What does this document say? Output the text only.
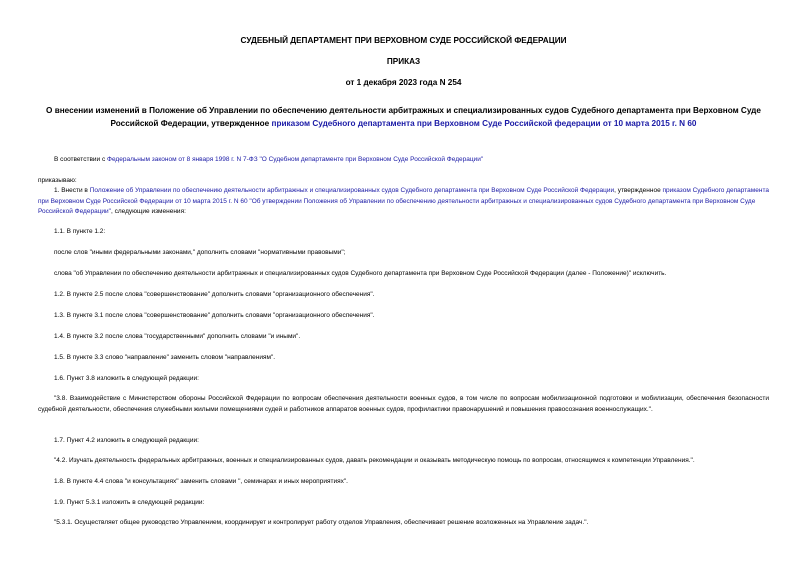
СУДЕБНЫЙ ДЕПАРТАМЕНТ ПРИ ВЕРХОВНОМ СУДЕ РОССИЙСКОЙ ФЕДЕРАЦИИ
ПРИКАЗ
от 1 декабря 2023 года N 254
О внесении изменений в Положение об Управлении по обеспечению деятельности арбитражных и специализированных судов Судебного департамента при Верховном Суде Российской Федерации, утвержденное приказом Судебного департамента при Верховном Суде Российской федерации от 10 марта 2015 г. N 60

В соответствии с Федеральным законом от 8 января 1998 г. N 7-ФЗ "О Судебном департаменте при Верховном Суде Российской Федерации"

приказываю:

1. Внести в Положение об Управлении по обеспечению деятельности арбитражных и специализированных судов Судебного департамента при Верховном Суде Российской Федерации, утвержденное приказом Судебного департамента при Верховном Суде Российской Федерации от 10 марта 2015 г. N 60 "Об утверждении Положения об Управлении по обеспечению деятельности арбитражных и специализированных судов Судебного департамента при Верховном Суде Российской Федерации", следующие изменения:

1.1. В пункте 1.2:

после слов "иными федеральными законами," дополнить словами "нормативными правовыми";

слова "об Управлении по обеспечению деятельности арбитражных и специализированных судов Судебного департамента при Верховном Суде Российской Федерации (далее - Положение)" исключить.

1.2. В пункте 2.5 после слова "совершенствование" дополнить словами "организационного обеспечения".

1.3. В пункте 3.1 после слова "совершенствование" дополнить словами "организационного обеспечения".

1.4. В пункте 3.2 после слова "государственными" дополнить словами "и иными".

1.5. В пункте 3.3 слово "направление" заменить словом "направлениям".

1.6. Пункт 3.8 изложить в следующей редакции:

"3.8. Взаимодействие с Министерством обороны Российской Федерации по вопросам обеспечения деятельности военных судов, в том числе по вопросам мобилизационной подготовки и мобилизации, обеспечения безопасности судебной деятельности, обеспечения служебными жилыми помещениями судей и работников аппаратов военных судов, профилактики правонарушений и повышения правосознания военнослужащих.".

1.7. Пункт 4.2 изложить в следующей редакции:

"4.2. Изучать деятельность федеральных арбитражных, военных и специализированных судов, давать рекомендации и оказывать методическую помощь по вопросам, относящимся к компетенции Управления.".

1.8. В пункте 4.4 слова "и консультациях" заменить словами ", семинарах и иных мероприятиях".

1.9. Пункт 5.3.1 изложить в следующей редакции:

"5.3.1. Осуществляет общее руководство Управлением, координирует и контролирует работу отделов Управления, обеспечивает решение возложенных на Управление задач.".
